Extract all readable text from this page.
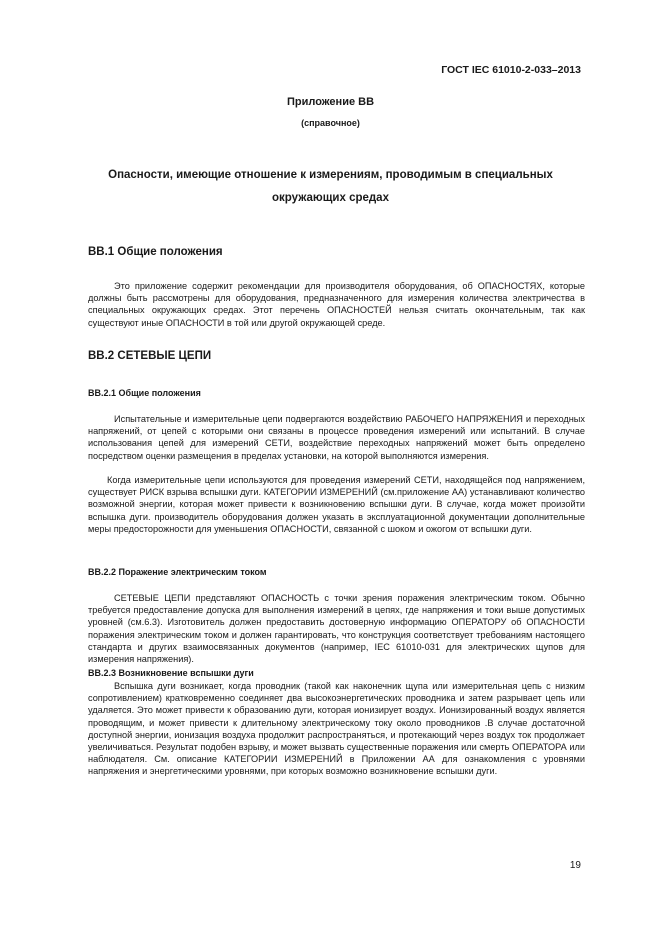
ГОСТ IEC 61010-2-033–2013
Приложение ВВ
(справочное)
Опасности, имеющие отношение к измерениям, проводимым в специальных
окружающих средах
ВВ.1 Общие положения

Это приложение содержит рекомендации для производителя оборудования, об ОПАСНОСТЯХ, которые должны быть рассмотрены для оборудования, предназначенного для измерения количества электричества в специальных окружающих средах. Этот перечень ОПАСНОСТЕЙ нельзя считать окончательным, так как существуют иные ОПАСНОСТИ в той или другой окружающей среде.

ВВ.2 СЕТЕВЫЕ ЦЕПИ
ВВ.2.1 Общие положения

Испытательные и измерительные цепи подвергаются воздействию РАБОЧЕГО НАПРЯЖЕНИЯ и переходных напряжений, от цепей с которыми они связаны в процессе проведения измерений или испытаний. В случае использования цепей для измерений СЕТИ, воздействие переходных напряжений может быть определено посредством оценки размещения в пределах установки, на которой выполняются измерения.

Когда измерительные цепи используются для проведения измерений СЕТИ, находящейся под напряжением, существует РИСК взрыва вспышки дуги. КАТЕГОРИИ ИЗМЕРЕНИЙ (см.приложение АА) устанавливают количество возможной энергии, которая может привести к возникновению вспышки дуги. В случае, когда может произойти вспышка дуги. производитель оборудования должен указать в эксплуатационной документации дополнительные меры предосторожности для уменьшения ОПАСНОСТИ, связанной с шоком и ожогом от вспышки дуги.

ВВ.2.2 Поражение электрическим током

СЕТЕВЫЕ ЦЕПИ представляют ОПАСНОСТЬ с точки зрения поражения электрическим током. Обычно требуется предоставление допуска для выполнения измерений в цепях, где напряжения и токи выше допустимых уровней (см.6.3). Изготовитель должен предоставить достоверную информацию ОПЕРАТОРУ об ОПАСНОСТИ поражения электрическим током и должен гарантировать, что конструкция соответствует требованиям настоящего стандарта и других взаимосвязанных документов (например, IEC 61010-031 для электрических щупов для измерения напряжения).

ВВ.2.3 Возникновение вспышки дуги

Вспышка дуги возникает, когда проводник (такой как наконечник щупа или измерительная цепь с низким сопротивлением) кратковременно соединяет два высокоэнергетических проводника и затем разрывает цепь или удаляется. Это может привести к образованию дуги, которая ионизирует воздух. Ионизированный воздух является проводящим, и может привести к длительному электрическому току около проводников .В случае достаточной доступной энергии, ионизация воздуха продолжит распространяться, и протекающий через воздух ток продолжает увеличиваться. Результат подобен взрыву, и может вызвать существенные поражения или смерть ОПЕРАТОРА или наблюдателя. См. описание КАТЕГОРИИ ИЗМЕРЕНИЙ в Приложении АА для ознакомления с уровнями напряжения и энергетическими уровнями, при которых возможно возникновение вспышки дуги.

19
